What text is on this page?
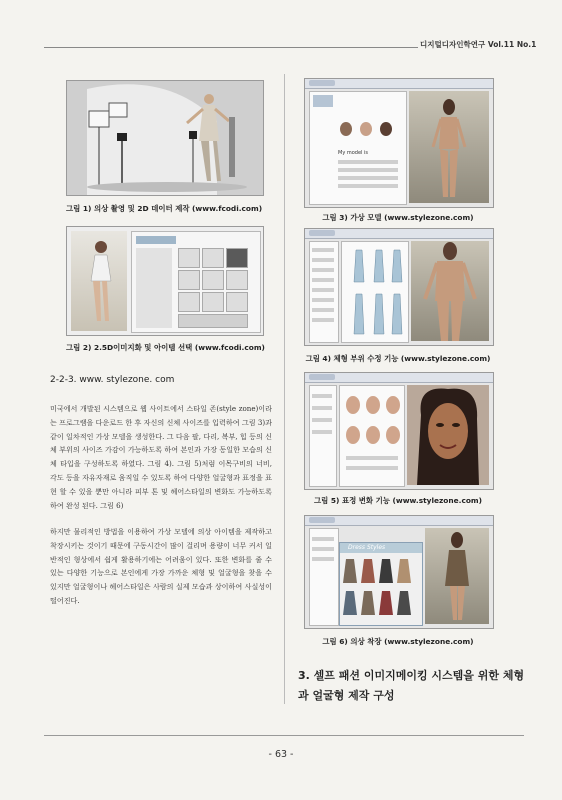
디지털디자인학연구 Vol.11 No.1
그림 1) 의상 촬영 및 2D 데이터 제작 (www.fcodi.com)
그림 2) 2.5D이미지화 및 아이템 선택 (www.fcodi.com)
2-2-3. www. stylezone. com

미국에서 개발된 시스템으로 웹 사이트에서 스타일 존(style zone)이라는 프로그램을 다운로드 한 후 자신의 신체 사이즈를 입력하여 그림 3)과 같이 일차적인 가상 모델을 생성한다. 그 다음 팔, 다리, 복부, 힙 등의 신체 부위의 사이즈 가감이 가능하도록 하여 본인과 가장 동일한 모습의 신체 타입을 구성하도록 하였다. 그림 4). 그림 5)처럼 이목구비의 너비, 각도 등을 자유자재로 움직일 수 있도록 하여 다양한 얼굴형과 표정을 표현 할 수 있을 뿐만 아니라 피부 톤 및 헤어스타일의 변화도 가능하도록 하여 완성 된다. 그림 6)

하지만 물리적인 방법을 이용하여 가상 모델에 의상 아이템을 제작하고 착장시키는 것이기 때문에 구동시간이 많이 걸리며 용량이 너무 커서 일반적인 형상에서 쉽게 활용하기에는 어려움이 있다. 또한 변화를 줄 수 있는 다양한 기능으로 본인에게 가장 가까운 체형 및 얼굴형을 찾을 수 있지만 얼굴형이나 헤어스타일은 사람의 실제 모습과 상이하여 사실성이 떨어진다.

My model is
그림 3) 가상 모델 (www.stylezone.com)
그림 4) 체형 부위 수정 기능 (www.stylezone.com)
그림 5) 표정 변화 기능 (www.stylezone.com)
Dress Styles
그림 6) 의상 착장 (www.stylezone.com)

3. 셀프 패션 이미지메이킹 시스템을 위한 체형과 얼굴형 제작 구성

- 63 -
